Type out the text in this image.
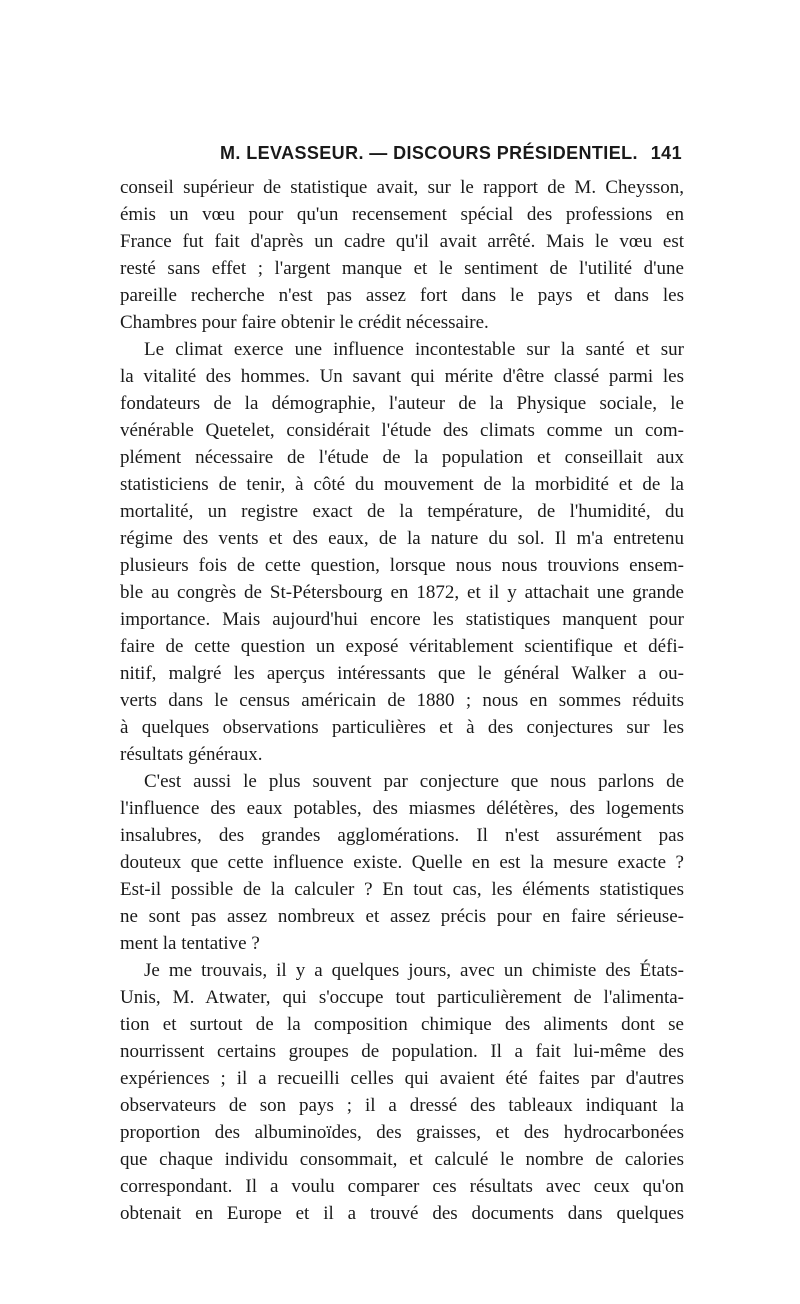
M. LEVASSEUR. — DISCOURS PRÉSIDENTIEL. 141
conseil supérieur de statistique avait, sur le rapport de M. Cheysson,
émis un vœu pour qu'un recensement spécial des professions en
France fut fait d'après un cadre qu'il avait arrêté. Mais le vœu est
resté sans effet ; l'argent manque et le sentiment de l'utilité d'une
pareille recherche n'est pas assez fort dans le pays et dans les
Chambres pour faire obtenir le crédit nécessaire.
Le climat exerce une influence incontestable sur la santé et sur
la vitalité des hommes. Un savant qui mérite d'être classé parmi les
fondateurs de la démographie, l'auteur de la Physique sociale, le
vénérable Quetelet, considérait l'étude des climats comme un com-
plément nécessaire de l'étude de la population et conseillait aux
statisticiens de tenir, à côté du mouvement de la morbidité et de la
mortalité, un registre exact de la température, de l'humidité, du
régime des vents et des eaux, de la nature du sol. Il m'a entretenu
plusieurs fois de cette question, lorsque nous nous trouvions ensem-
ble au congrès de St-Pétersbourg en 1872, et il y attachait une grande
importance. Mais aujourd'hui encore les statistiques manquent pour
faire de cette question un exposé véritablement scientifique et défi-
nitif, malgré les aperçus intéressants que le général Walker a ou-
verts dans le census américain de 1880 ; nous en sommes réduits
à quelques observations particulières et à des conjectures sur les
résultats généraux.
C'est aussi le plus souvent par conjecture que nous parlons de
l'influence des eaux potables, des miasmes délétères, des logements
insalubres, des grandes agglomérations. Il n'est assurément pas
douteux que cette influence existe. Quelle en est la mesure exacte ?
Est-il possible de la calculer ? En tout cas, les éléments statistiques
ne sont pas assez nombreux et assez précis pour en faire sérieuse-
ment la tentative ?
Je me trouvais, il y a quelques jours, avec un chimiste des États-
Unis, M. Atwater, qui s'occupe tout particulièrement de l'alimenta-
tion et surtout de la composition chimique des aliments dont se
nourrissent certains groupes de population. Il a fait lui-même des
expériences ; il a recueilli celles qui avaient été faites par d'autres
observateurs de son pays ; il a dressé des tableaux indiquant la
proportion des albuminoïdes, des graisses, et des hydrocarbonées
que chaque individu consommait, et calculé le nombre de calories
correspondant. Il a voulu comparer ces résultats avec ceux qu'on
obtenait en Europe et il a trouvé des documents dans quelques
